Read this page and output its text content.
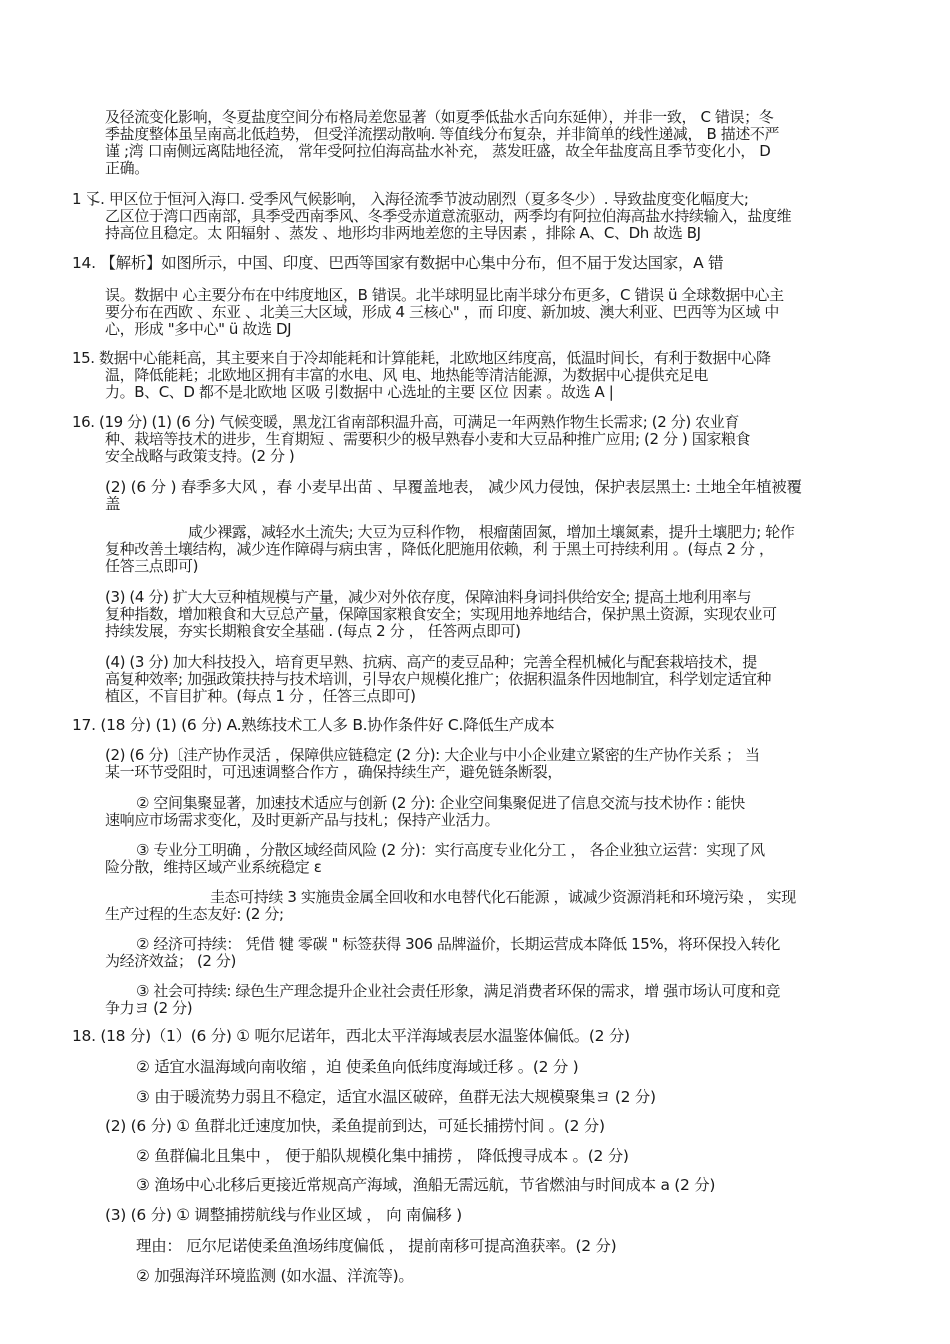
及径流变化影响，冬夏盐度空间分布格局差您显著（如夏季低盐水舌向东延伸），并非一致， C 错误；冬
季盐度整体虽呈南高北低趋势， 但受洋流摆动散响. 等值线分布复杂，并非简单的线性递减， B 描述不严
谨 ;湾 口南侧远离陆地径流， 常年受阿拉伯海高盐水补充， 蒸发旺盛，故全年盐度高且季节变化小， D
正确。
1 孓. 甲区位于恒河入海口. 受季风气候影响， 入海径流季节波动剧烈（夏多冬少）. 导致盐度变化幅度大;
乙区位于湾口西南部，具季受西南季风、冬季受赤道意流驱动，两季均有阿拉伯海高盐水持续输入，盐度维
持高位且稳定。太 阳辐射 、蒸发 、地形均非两地差您的主导因素 ，排除 A、C、Dh 故选 BJ
14. 【解析】如图所示，中国、印度、巴西等国家有数据中心集中分布，但不届于发达国家，A 错
误。数据中 心主要分布在中纬度地区，B 错误。北半球明显比南半球分布更多，C 错误 ü 全球数据中心主
要分布在西欧 、东亚 、北美三大区域，形成 4 三核心" ，而 印度、新加坡、澳大利亚、巴西等为区域 中
心，形成 "多中心" ü 故选 DJ
15. 数据中心能耗高，其主要来自于冷却能耗和计算能耗，北欧地区纬度高，低温时间长，有利于数据中心降
温，降低能耗；北欧地区拥有丰富的水电、风 电、地热能等清洁能源，为数据中心提供充足电
力。B、C、D 都不是北欧地 区吸 引数据中 心选址的主要 区位 因素 。故选 A |
16. (19 分) (1) (6 分) 气候变暖，黑龙江省南部积温升高，可满足一年两熟作物生长需求; (2 分) 农业育
种、栽培等技术的进步，生育期短 、需要积少的极早熟春小麦和大豆品种推广应用; (2 分 ) 国家粮食
安全战略与政策支持。(2 分 )
(2) (6 分 ) 春季多大风 ，春 小麦早出苗 、早覆盖地表， 减少风力侵蚀，保护表层黑土: 土地全年植被覆
盖
咸少裸露，减轻水土流失; 大豆为豆科作物， 根瘤菌固氮，增加土壤氮素，提升土壤肥力; 轮作
复种改善土壤结构，减少连作障碍与病虫害 ，降低化肥施用依赖，利 于黑土可持续利用 。(每点 2 分 ，
任答三点即可)
(3) (4 分) 扩大大豆种植规模与产量，减少对外依存度，保障油料身词抖供给安全; 提高土地利用率与
复种指数，增加粮食和大豆总产量，保障国家粮食安全；实现用地养地结合，保护黑土资源，实现农业可
持续发展，夯实长期粮食安全基础 . (每点 2 分 ， 任答两点即可)
(4) (3 分) 加大科技投入，培育更早熟、抗病、高产的麦豆品种；完善全程机械化与配套栽培技术，提
高复种效率; 加强政策扶持与技术培训，引导农户规模化推广；依据积温条件因地制宜，科学划定适宜种
植区，不盲目扩种。(每点 1 分 ，任答三点即可)
17. (18 分) (1) (6 分) A.熟练技术工人多 B.协作条件好 C.降低生产成本
(2) (6 分)〔洼产协作灵活 ，保障供应链稳定 (2 分): 大企业与中小企业建立紧密的生产协作关系 ； 当
某一环节受阻时，可迅速调整合作方 ，确保持续生产，避免链条断裂，
② 空间集聚显著，加速技术适应与创新 (2 分): 企业空间集聚促进了信息交流与技术协作 : 能快
速响应市场需求变化，及时更新产品与技札；保持产业活力。
③ 专业分工明确 ，分散区域经茴风险 (2 分)：实行高度专业化分工 ， 各企业独立运营：实现了风
险分散，维持区域产业系统稳定 ε
圭态可持续 3 实施贵金属全回收和水电替代化石能源 ，诚减少资源消耗和环境污染 ， 实现
生产过程的生态友好: (2 分;
② 经济可持续： 凭借 犍 零碳 " 标签获得 306 品牌溢价，长期运营成本降低 15%，将环保投入转化
为经济效益； (2 分)
③ 社会可持续: 绿色生产理念提升企业社会责任形象，满足消费者环保的需求，增 强市场认可度和竞
争力ヨ (2 分)
18. (18 分)（1）(6 分) ① 呃尔尼诺年，西北太平洋海域表层水温鉴体偏低。(2 分)
② 适宜水温海域向南收缩 ，迫 使柔鱼向低纬度海域迁移 。(2 分 )
③ 由于暖流势力弱且不稳定，适宜水温区破碎，鱼群无法大规模聚集ヨ (2 分)
(2) (6 分) ① 鱼群北迁速度加快，柔鱼提前到达，可延长捕捞忖间 。(2 分)
② 鱼群偏北且集中 ， 便于船队规模化集中捕捞 ， 降低搜寻成本 。(2 分)
③ 渔场中心北移后更接近常规高产海域，渔船无需远航，节省燃油与时间成本 a (2 分)
(3) (6 分) ① 调整捕捞航线与作业区域 ， 向 南偏移 )
理由： 厄尔尼诺使柔鱼渔场纬度偏低 ， 提前南移可提高渔获率。(2 分)
② 加强海洋环境监测 (如水温、洋流等)。
